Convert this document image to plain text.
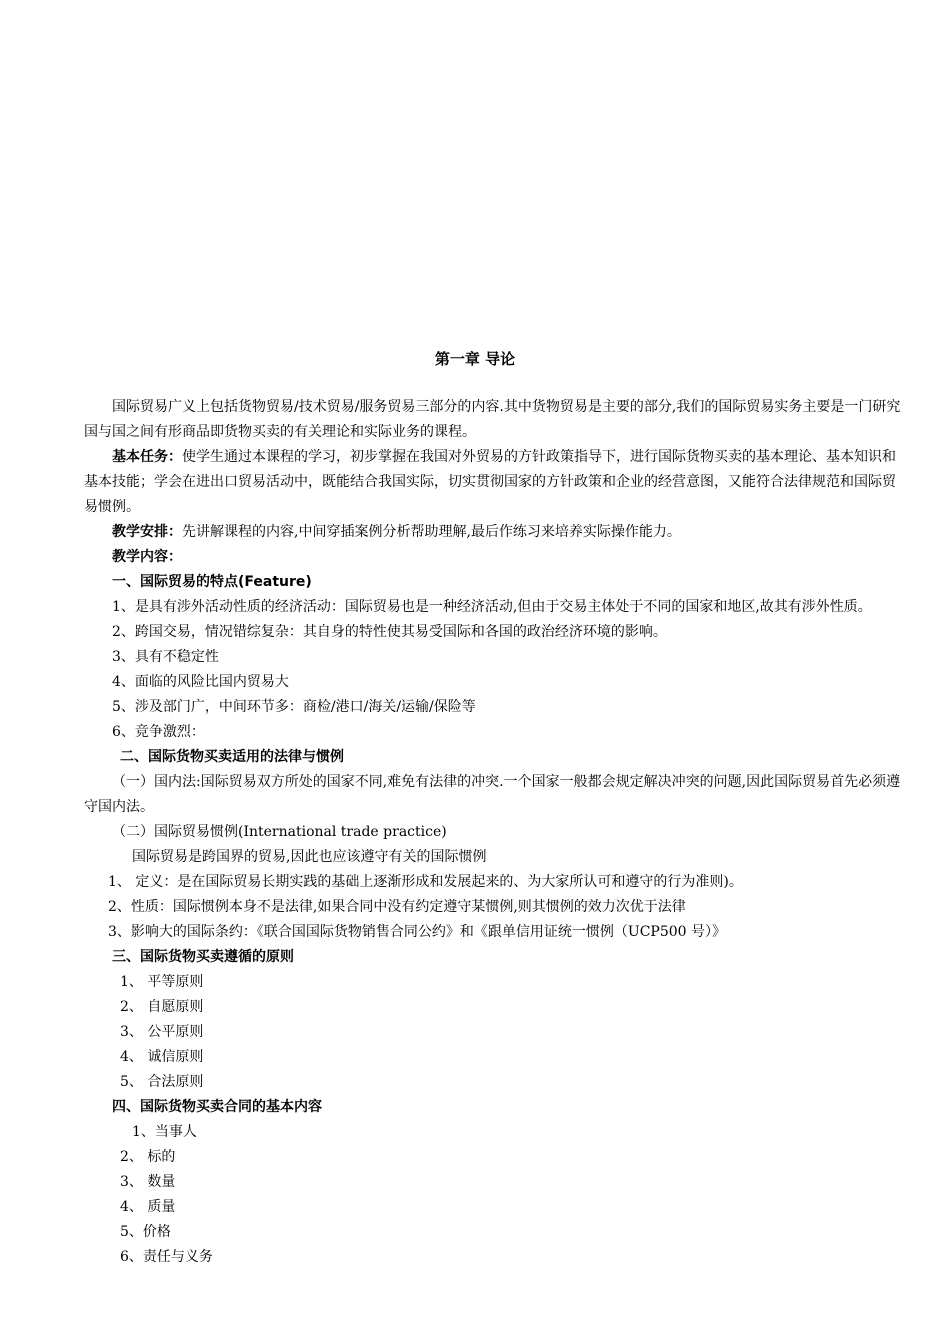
第一章 导论

国际贸易广义上包括货物贸易/技术贸易/服务贸易三部分的内容.其中货物贸易是主要的部分,我们的国际贸易实务主要是一门研究国与国之间有形商品即货物买卖的有关理论和实际业务的课程。

基本任务：使学生通过本课程的学习，初步掌握在我国对外贸易的方针政策指导下，进行国际货物买卖的基本理论、基本知识和基本技能；学会在进出口贸易活动中，既能结合我国实际，切实贯彻国家的方针政策和企业的经营意图，又能符合法律规范和国际贸易惯例。

教学安排：先讲解课程的内容,中间穿插案例分析帮助理解,最后作练习来培养实际操作能力。

教学内容：

一、国际贸易的特点(Feature)

1、是具有涉外活动性质的经济活动：国际贸易也是一种经济活动,但由于交易主体处于不同的国家和地区,故其有涉外性质。

2、跨国交易，情况错综复杂：其自身的特性使其易受国际和各国的政治经济环境的影响。

3、具有不稳定性

4、面临的风险比国内贸易大

5、涉及部门广，中间环节多：商检/港口/海关/运输/保险等

6、竞争激烈：

二、国际货物买卖适用的法律与惯例

（一）国内法:国际贸易双方所处的国家不同,难免有法律的冲突.一个国家一般都会规定解决冲突的问题,因此国际贸易首先必须遵守国内法。

（二）国际贸易惯例(International trade practice)

国际贸易是跨国界的贸易,因此也应该遵守有关的国际惯例

1、 定义：是在国际贸易长期实践的基础上逐渐形成和发展起来的、为大家所认可和遵守的行为准则)。

2、性质：国际惯例本身不是法律,如果合同中没有约定遵守某惯例,则其惯例的效力次优于法律

3、影响大的国际条约：《联合国国际货物销售合同公约》和《跟单信用证统一惯例（UCP500 号）》

三、国际货物买卖遵循的原则

1、 平等原则

2、 自愿原则

3、 公平原则

4、 诚信原则

5、 合法原则

四、国际货物买卖合同的基本内容

1、当事人

2、 标的

3、 数量

4、 质量

5、价格

6、责任与义务
